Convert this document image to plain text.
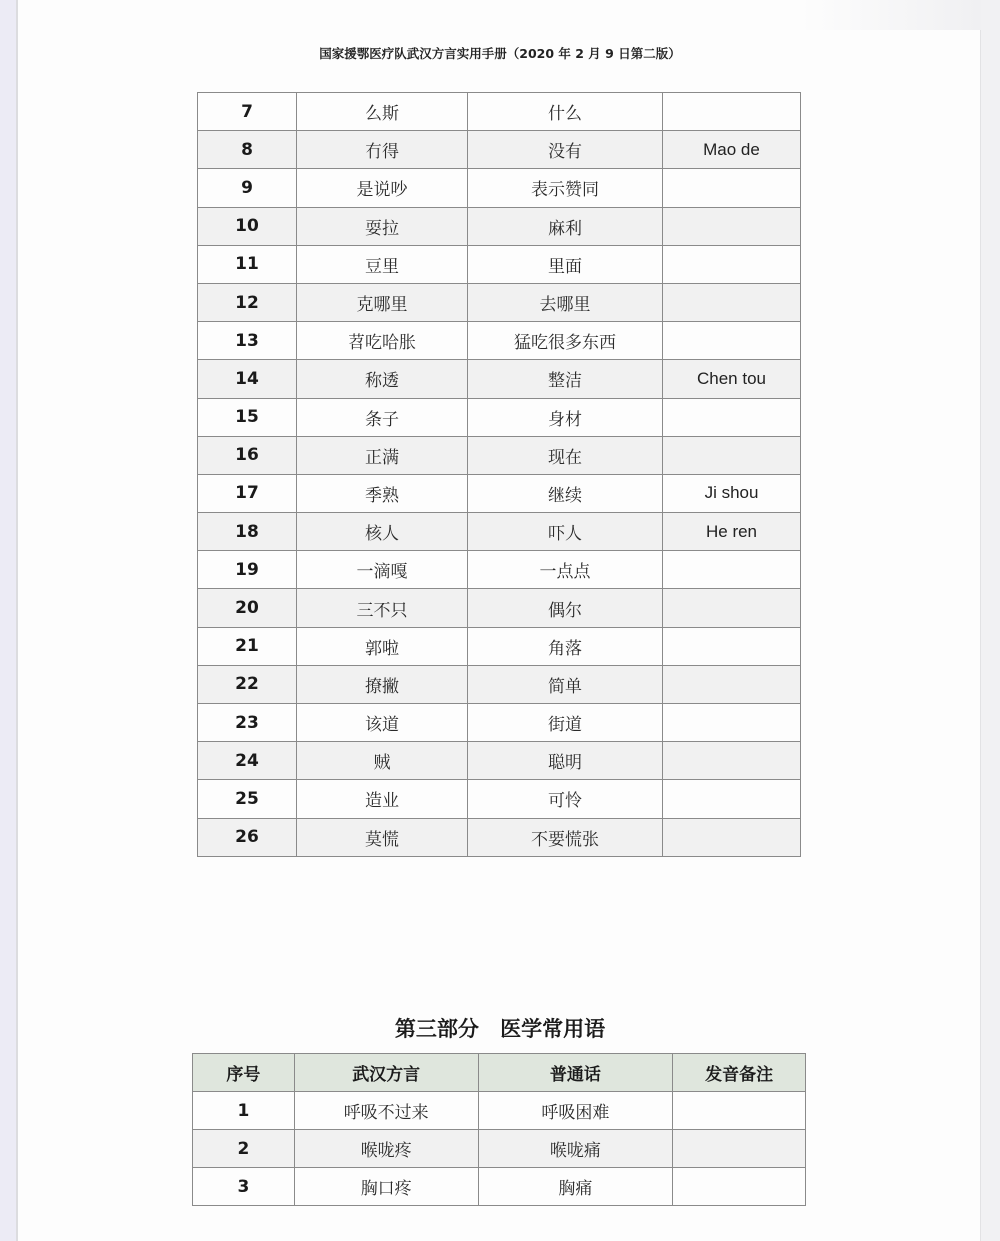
国家援鄂医疗队武汉方言实用手册（2020 年 2 月 9 日第二版）
7	么斯	什么	
8	冇得	没有	Mao de
9	是说吵	表示赞同	
10	耍拉	麻利	
11	豆里	里面	
12	克哪里	去哪里	
13	苕吃哈胀	猛吃很多东西	
14	称透	整洁	Chen tou
15	条子	身材	
16	正满	现在	
17	季熟	继续	Ji shou
18	核人	吓人	He ren
19	一滴嘎	一点点	
20	三不只	偶尔	
21	郭啦	角落	
22	撩撇	简单	
23	该道	街道	
24	贼	聪明	
25	造业	可怜	
26	莫慌	不要慌张	
第三部分 医学常用语
序号	武汉方言	普通话	发音备注
1	呼吸不过来	呼吸困难	
2	喉咙疼	喉咙痛	
3	胸口疼	胸痛	
